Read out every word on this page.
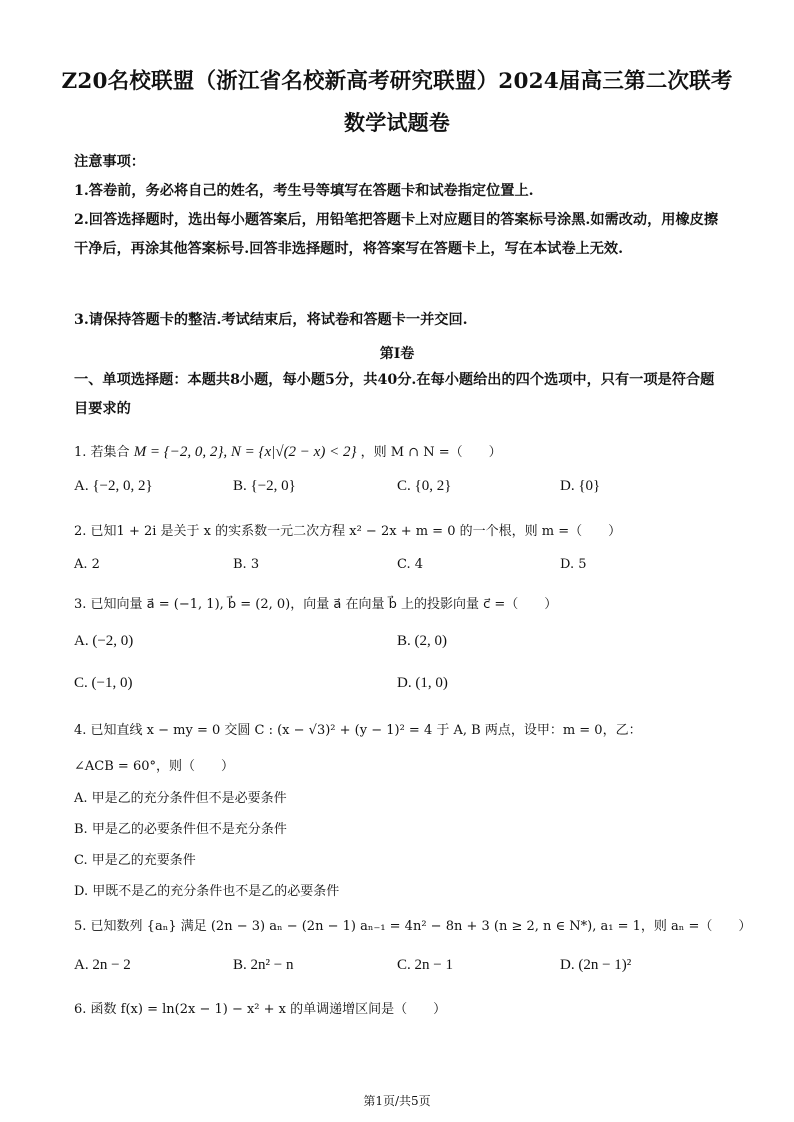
Z20名校联盟（浙江省名校新高考研究联盟）2024届高三第二次联考
数学试题卷
注意事项：
1.答卷前，务必将自己的姓名，考生号等填写在答题卡和试卷指定位置上.
2.回答选择题时，选出每小题答案后，用铅笔把答题卡上对应题目的答案标号涂黑.如需改动，用橡皮擦干净后，再涂其他答案标号.回答非选择题时，将答案写在答题卡上，写在本试卷上无效.
3.请保持答题卡的整洁.考试结束后，将试卷和答题卡一并交回.
第Ⅰ卷
一、单项选择题：本题共8小题，每小题5分，共40分.在每小题给出的四个选项中，只有一项是符合题目要求的
1. 若集合 M = {−2, 0, 2}, N = {x|√(2 − x) < 2} ，则 M ∩ N =（　　）
A. {−2, 0, 2}	B. {−2, 0}	C. {0, 2}	D. {0}
2. 已知1 + 2i 是关于 x 的实系数一元二次方程 x² − 2x + m = 0 的一个根，则 m =（　　）
A. 2	B. 3	C. 4	D. 5
3. 已知向量 a⃗ = (−1, 1), b⃗ = (2, 0)，向量 a⃗ 在向量 b⃗ 上的投影向量 c⃗ =（　　）
A. (−2, 0)	B. (2, 0)
C. (−1, 0)	D. (1, 0)
4. 已知直线 x − my = 0 交圆 C : (x − √3)² + (y − 1)² = 4 于 A, B 两点，设甲：m = 0，乙：
∠ACB = 60°，则（　　）
A. 甲是乙的充分条件但不是必要条件
B. 甲是乙的必要条件但不是充分条件
C. 甲是乙的充要条件
D. 甲既不是乙的充分条件也不是乙的必要条件
5. 已知数列 {aₙ} 满足 (2n − 3) aₙ − (2n − 1) aₙ₋₁ = 4n² − 8n + 3 (n ≥ 2, n ∈ N*), a₁ = 1，则 aₙ =（　　）
A. 2n − 2	B. 2n² − n	C. 2n − 1	D. (2n − 1)²
6. 函数 f(x) = ln(2x − 1) − x² + x 的单调递增区间是（　　）
第1页/共5页
